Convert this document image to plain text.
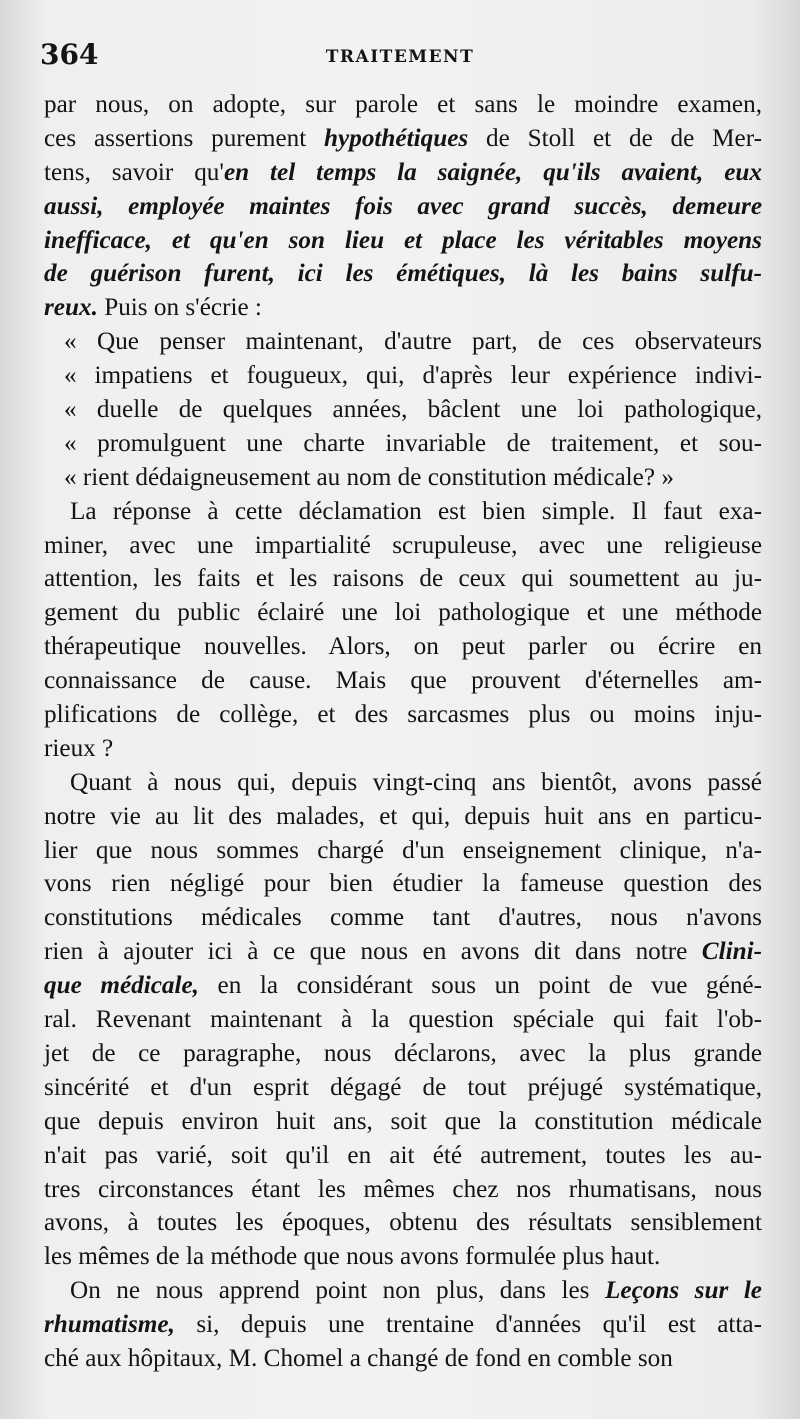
364	TRAITEMENT
par nous, on adopte, sur parole et sans le moindre examen,
ces assertions purement hypothétiques de Stoll et de de Mer-
tens, savoir qu'en tel temps la saignée, qu'ils avaient, eux
aussi, employée maintes fois avec grand succès, demeure
inefficace, et qu'en son lieu et place les véritables moyens
de guérison furent, ici les émétiques, là les bains sulfu-
reux. Puis on s'écrie :
« Que penser maintenant, d'autre part, de ces observateurs
« impatiens et fougueux, qui, d'après leur expérience indivi-
« duelle de quelques années, bâclent une loi pathologique,
« promulguent une charte invariable de traitement, et sou-
« rient dédaigneusement au nom de constitution médicale? »
La réponse à cette déclamation est bien simple. Il faut exa-
miner, avec une impartialité scrupuleuse, avec une religieuse
attention, les faits et les raisons de ceux qui soumettent au ju-
gement du public éclairé une loi pathologique et une méthode
thérapeutique nouvelles. Alors, on peut parler ou écrire en
connaissance de cause. Mais que prouvent d'éternelles am-
plifications de collège, et des sarcasmes plus ou moins inju-
rieux ?
Quant à nous qui, depuis vingt-cinq ans bientôt, avons passé
notre vie au lit des malades, et qui, depuis huit ans en particu-
lier que nous sommes chargé d'un enseignement clinique, n'a-
vons rien négligé pour bien étudier la fameuse question des
constitutions médicales comme tant d'autres, nous n'avons
rien à ajouter ici à ce que nous en avons dit dans notre Clini-
que médicale, en la considérant sous un point de vue géné-
ral. Revenant maintenant à la question spéciale qui fait l'ob-
jet de ce paragraphe, nous déclarons, avec la plus grande
sincérité et d'un esprit dégagé de tout préjugé systématique,
que depuis environ huit ans, soit que la constitution médicale
n'ait pas varié, soit qu'il en ait été autrement, toutes les au-
tres circonstances étant les mêmes chez nos rhumatisans, nous
avons, à toutes les époques, obtenu des résultats sensiblement
les mêmes de la méthode que nous avons formulée plus haut.
On ne nous apprend point non plus, dans les Leçons sur le
rhumatisme, si, depuis une trentaine d'années qu'il est atta-
ché aux hôpitaux, M. Chomel a changé de fond en comble son
